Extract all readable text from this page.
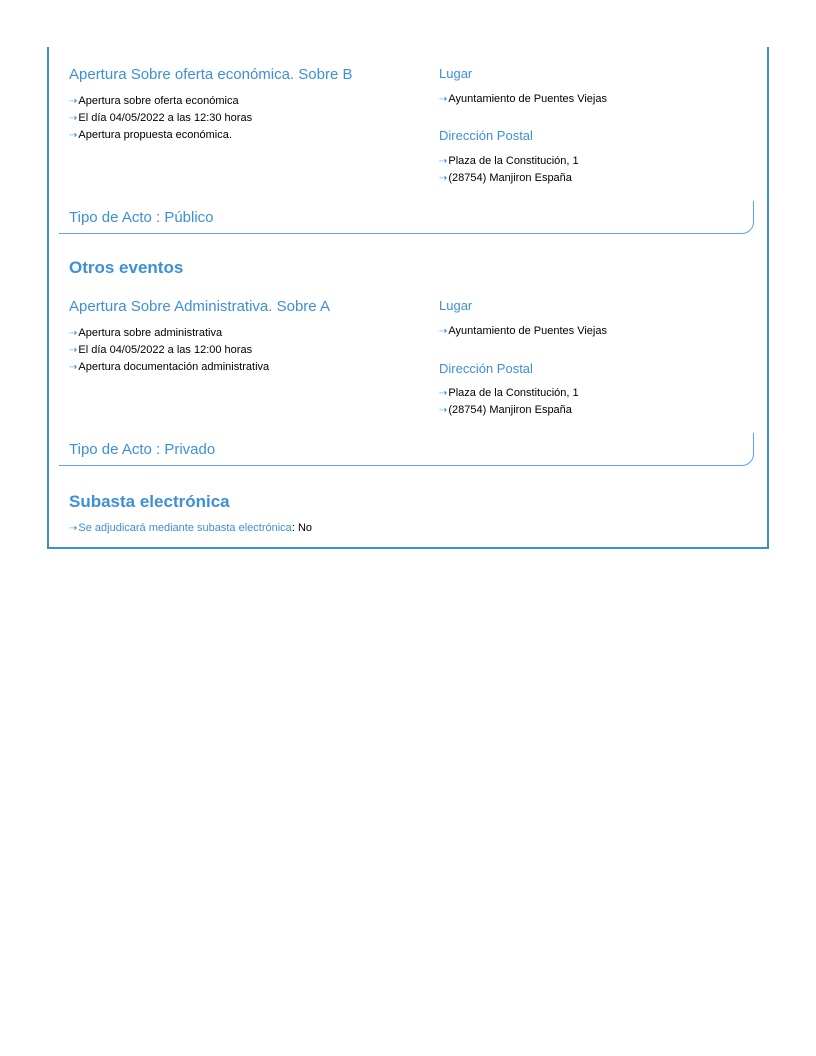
Apertura Sobre oferta económica. Sobre B
⇢Apertura sobre oferta económica
⇢El día 04/05/2022 a las 12:30 horas
⇢Apertura propuesta económica.
Lugar
⇢Ayuntamiento de Puentes Viejas
Dirección Postal
⇢Plaza de la Constitución, 1
⇢(28754) Manjiron España
Tipo de Acto : Público
Otros eventos
Apertura Sobre Administrativa. Sobre A
⇢Apertura sobre administrativa
⇢El día 04/05/2022 a las 12:00 horas
⇢Apertura documentación administrativa
Lugar
⇢Ayuntamiento de Puentes Viejas
Dirección Postal
⇢Plaza de la Constitución, 1
⇢(28754) Manjiron España
Tipo de Acto : Privado
Subasta electrónica
⇢Se adjudicará mediante subasta electrónica: No
